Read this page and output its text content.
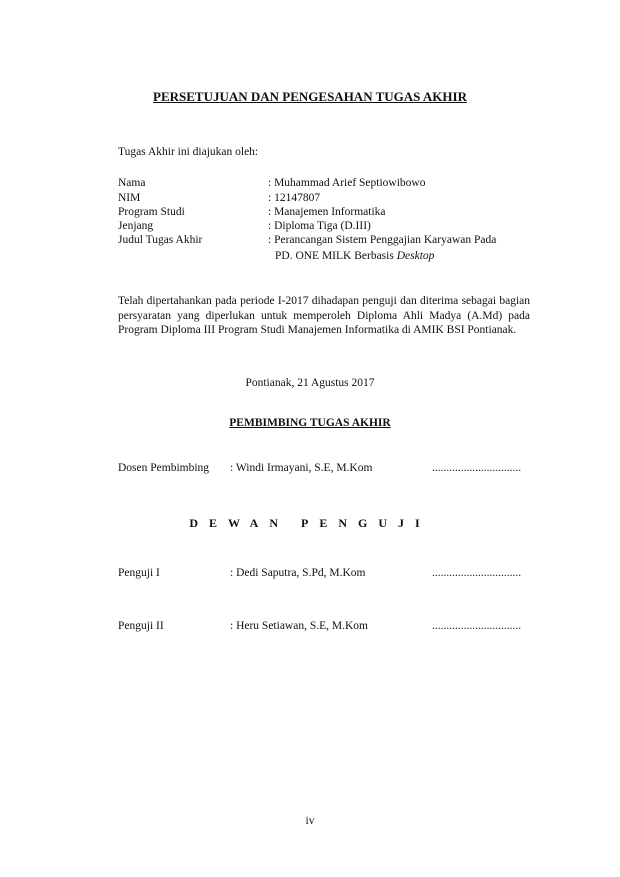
PERSETUJUAN DAN PENGESAHAN TUGAS AKHIR
Tugas Akhir ini diajukan oleh:
Nama	: Muhammad Arief Septiowibowo
NIM	: 12147807
Program Studi	: Manajemen Informatika
Jenjang	: Diploma Tiga (D.III)
Judul Tugas Akhir	: Perancangan Sistem Penggajian Karyawan Pada
PD. ONE MILK Berbasis Desktop
Telah dipertahankan pada periode I-2017 dihadapan penguji dan diterima sebagai bagian persyaratan yang diperlukan untuk memperoleh Diploma Ahli Madya (A.Md) pada Program Diploma III Program Studi Manajemen Informatika di AMIK BSI Pontianak.
Pontianak, 21 Agustus 2017
PEMBIMBING TUGAS AKHIR
Dosen Pembimbing : Windi Irmayani, S.E, M.Kom	...............................
DEWAN PENGUJI
Penguji I	: Dedi Saputra, S.Pd, M.Kom	...............................
Penguji II	: Heru Setiawan, S.E, M.Kom	...............................
iv
